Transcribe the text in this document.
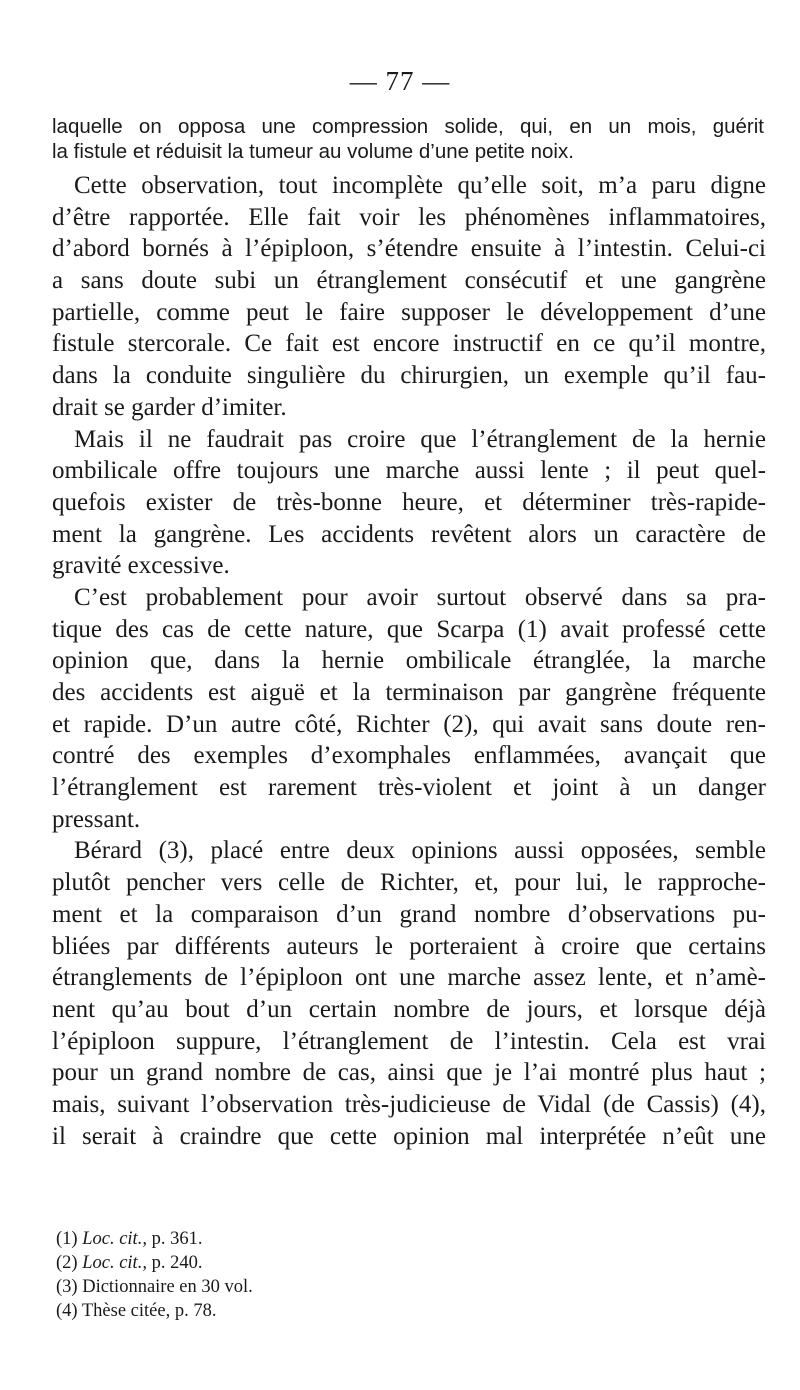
— 77 —
laquelle on opposa une compression solide, qui, en un mois, guérit
la fistule et réduisit la tumeur au volume d’une petite noix.
Cette observation, tout incomplète qu’elle soit, m’a paru digne
d’être rapportée. Elle fait voir les phénomènes inflammatoires,
d’abord bornés à l’épiploon, s’étendre ensuite à l’intestin. Celui-ci
a sans doute subi un étranglement consécutif et une gangrène
partielle, comme peut le faire supposer le développement d’une
fistule stercorale. Ce fait est encore instructif en ce qu’il montre,
dans la conduite singulière du chirurgien, un exemple qu’il fau-
drait se garder d’imiter.
Mais il ne faudrait pas croire que l’étranglement de la hernie
ombilicale offre toujours une marche aussi lente ; il peut quel-
quefois exister de très-bonne heure, et déterminer très-rapide-
ment la gangrène. Les accidents revêtent alors un caractère de
gravité excessive.
C’est probablement pour avoir surtout observé dans sa pra-
tique des cas de cette nature, que Scarpa (1) avait professé cette
opinion que, dans la hernie ombilicale étranglée, la marche
des accidents est aiguë et la terminaison par gangrène fréquente
et rapide. D’un autre côté, Richter (2), qui avait sans doute ren-
contré des exemples d’exomphales enflammées, avançait que
l’étranglement est rarement très-violent et joint à un danger
pressant.
Bérard (3), placé entre deux opinions aussi opposées, semble
plutôt pencher vers celle de Richter, et, pour lui, le rapproche-
ment et la comparaison d’un grand nombre d’observations pu-
bliées par différents auteurs le porteraient à croire que certains
étranglements de l’épiploon ont une marche assez lente, et n’amè-
nent qu’au bout d’un certain nombre de jours, et lorsque déjà
l’épiploon suppure, l’étranglement de l’intestin. Cela est vrai
pour un grand nombre de cas, ainsi que je l’ai montré plus haut ;
mais, suivant l’observation très-judicieuse de Vidal (de Cassis) (4),
il serait à craindre que cette opinion mal interprétée n’eût une
(1) Loc. cit., p. 361.
(2) Loc. cit., p. 240.
(3) Dictionnaire en 30 vol.
(4) Thèse citée, p. 78.
